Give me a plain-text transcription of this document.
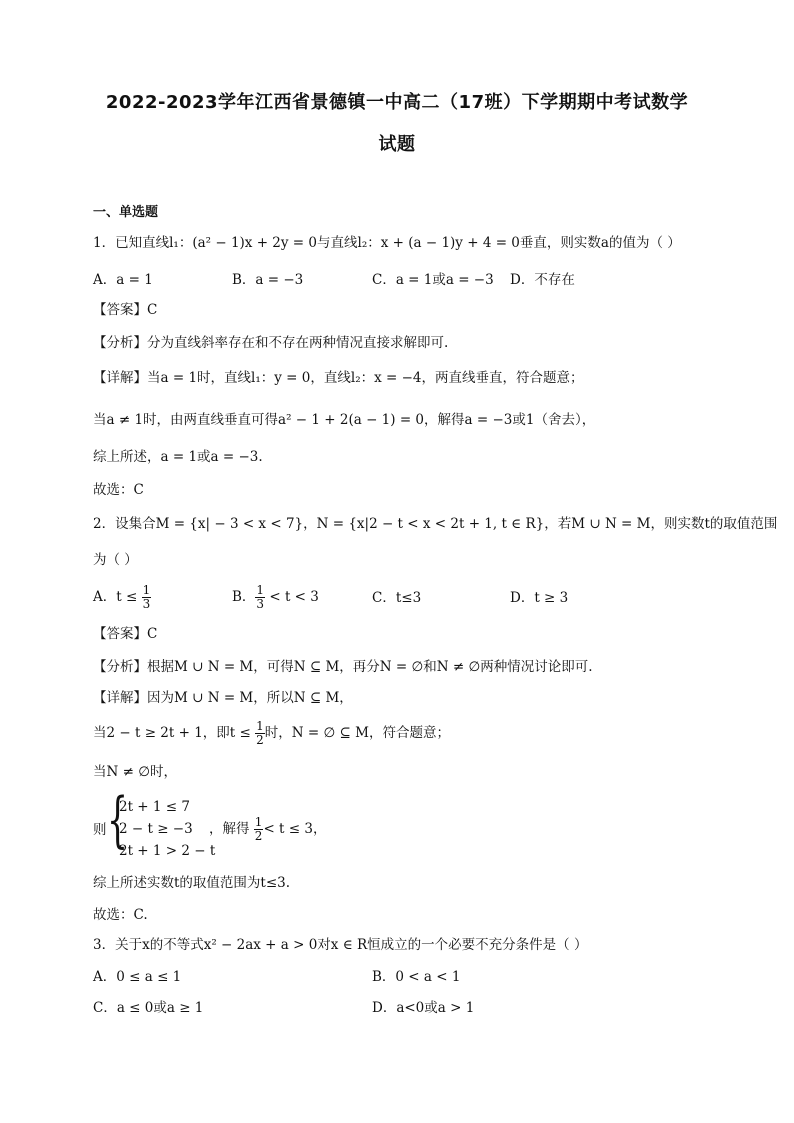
2022-2023学年江西省景德镇一中高二（17班）下学期期中考试数学
试题
一、单选题
1．已知直线l₁：(a² − 1)x + 2y = 0与直线l₂：x + (a − 1)y + 4 = 0垂直，则实数a的值为（ ）
A．a = 1	B．a = −3	C．a = 1或a = −3 D．不存在
【答案】C
【分析】分为直线斜率存在和不存在两种情况直接求解即可.
【详解】当a = 1时，直线l₁：y = 0，直线l₂：x = −4，两直线垂直，符合题意；
当a ≠ 1时，由两直线垂直可得a² − 1 + 2(a − 1) = 0，解得a = −3或1（舍去），
综上所述，a = 1或a = −3.
故选：C
2．设集合M = {x| − 3 < x < 7}，N = {x|2 − t < x < 2t + 1, t ∈ R}，若M ∪ N = M，则实数t的取值范围
为（ ）
A．$t \le \frac{1}{3}$	B． $\frac{1}{3} < t < 3$	C．t≤3	D．t ≥ 3
【答案】C
【分析】根据M ∪ N = M，可得N ⊆ M，再分N = ∅和N ≠ ∅两种情况讨论即可.
【详解】因为M ∪ N = M，所以N ⊆ M，
当2 − t ≥ 2t + 1，即$t \le \frac{1}{2}$ 时，N = ∅ ⊆ M，符合题意；
当N ≠ ∅时，
则 {
2t + 1 ≤ 7
2 − t ≥ −3
2t + 1 > 2 − t
，解得 $\frac{1}{2} < t \le 3$，
综上所述实数t的取值范围为t≤3.
故选：C.
3．关于x的不等式x² − 2ax + a > 0对x ∈ R恒成立的一个必要不充分条件是（ ）
A．0 ≤ a ≤ 1	B．0 < a < 1
C．a ≤ 0或a ≥ 1	D．a<0或a > 1
